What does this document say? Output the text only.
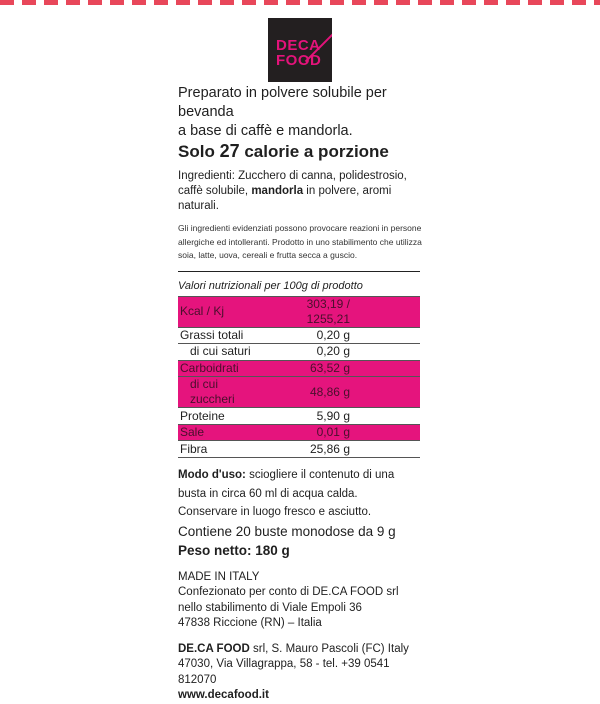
DECA
FOOD

Preparato in polvere solubile per bevanda
a base di caffè e mandorla.

Solo 27 calorie a porzione

Ingredienti: Zucchero di canna, polidestrosio, caffè solubile, mandorla in polvere, aromi naturali.

Gli ingredienti evidenziati possono provocare reazioni in persone allergiche ed intolleranti. Prodotto in uno stabilimento che utilizza soia, latte, uova, cereali e frutta secca a guscio.

Valori nutrizionali per 100g di prodotto

Kcal / Kj	303,19 / 1255,21
Grassi totali	0,20 g
di cui saturi	0,20 g
Carboidrati	63,52 g
di cui zuccheri	48,86 g
Proteine	5,90 g
Sale	0,01 g
Fibra	25,86 g

Modo d'uso: sciogliere il contenuto di una busta in circa 60 ml di acqua calda.
Conservare in luogo fresco e asciutto.

Contiene 20 buste monodose da 9 g

Peso netto: 180 g

MADE IN ITALY
Confezionato per conto di DE.CA FOOD srl
nello stabilimento di Viale Empoli 36
47838 Riccione (RN) – Italia

DE.CA FOOD srl, S. Mauro Pascoli (FC) Italy
47030, Via Villagrappa, 58 - tel. +39 0541 812070
www.decafood.it
